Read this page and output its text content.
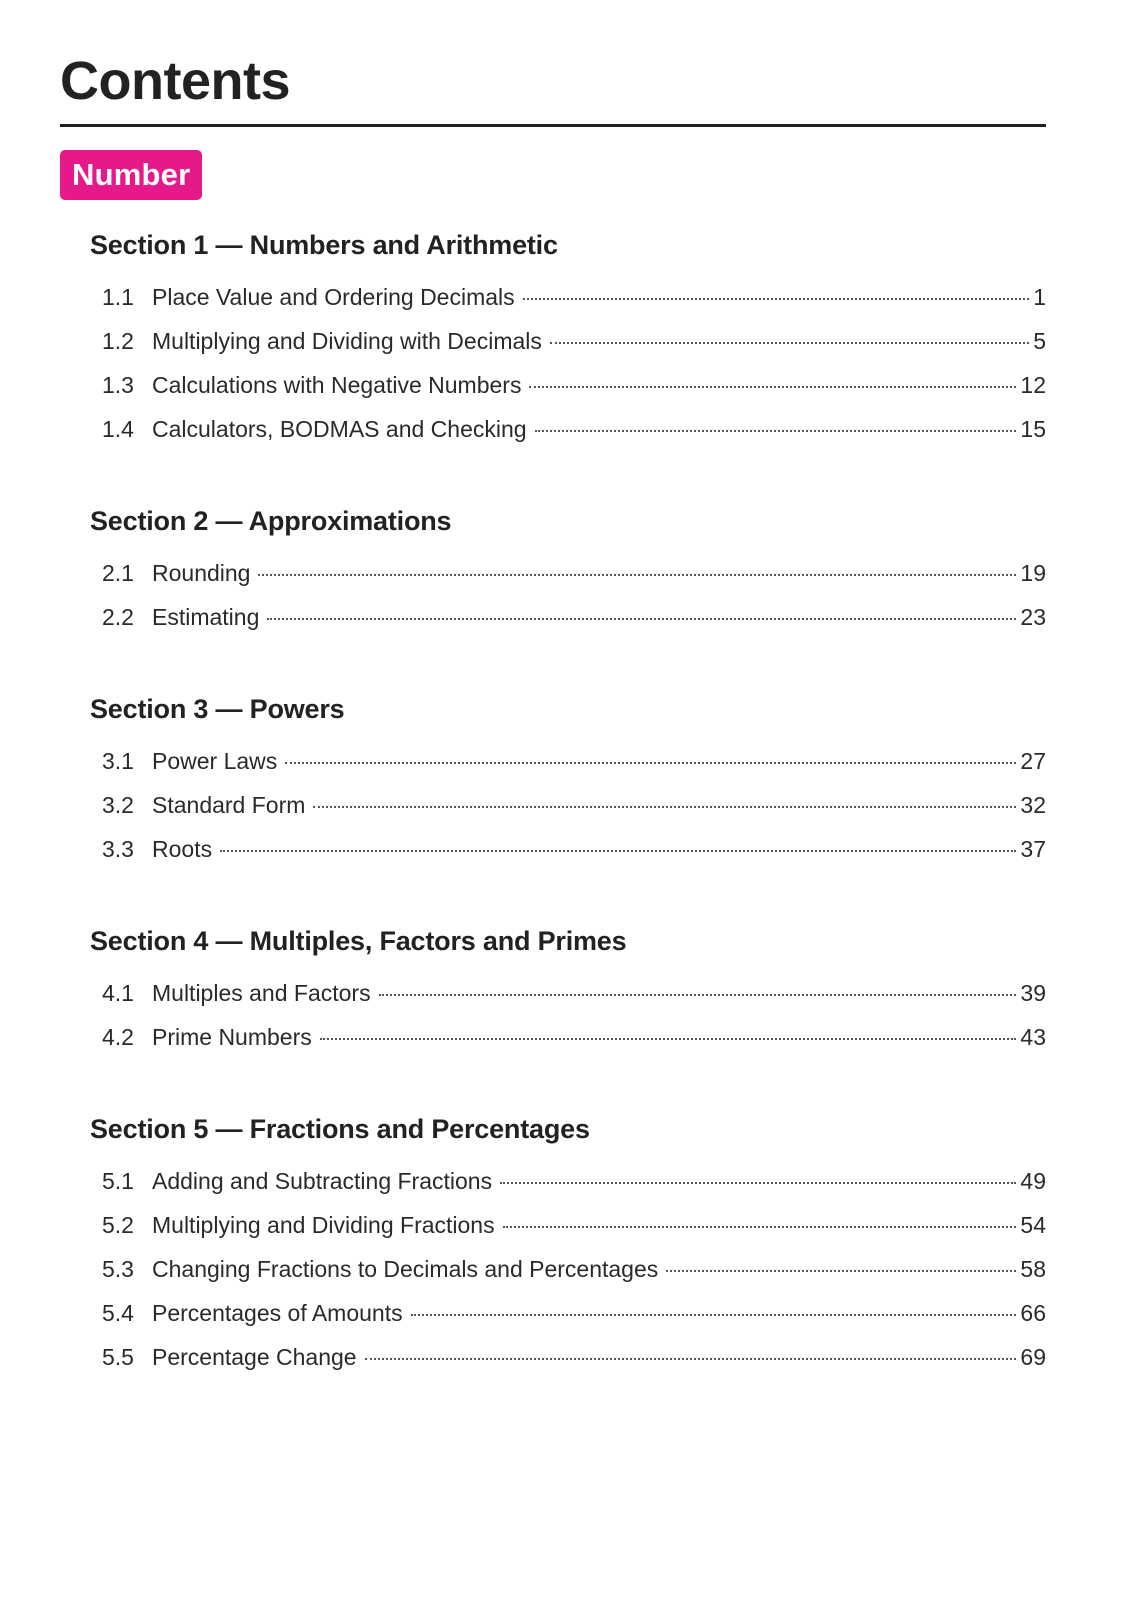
Contents
Number
Section 1 — Numbers and Arithmetic
1.1 Place Value and Ordering Decimals	1
1.2 Multiplying and Dividing with Decimals	5
1.3 Calculations with Negative Numbers	12
1.4 Calculators, BODMAS and Checking	15
Section 2 — Approximations
2.1 Rounding	19
2.2 Estimating	23
Section 3 — Powers
3.1 Power Laws	27
3.2 Standard Form	32
3.3 Roots	37
Section 4 — Multiples, Factors and Primes
4.1 Multiples and Factors	39
4.2 Prime Numbers	43
Section 5 — Fractions and Percentages
5.1 Adding and Subtracting Fractions	49
5.2 Multiplying and Dividing Fractions	54
5.3 Changing Fractions to Decimals and Percentages	58
5.4 Percentages of Amounts	66
5.5 Percentage Change	69
